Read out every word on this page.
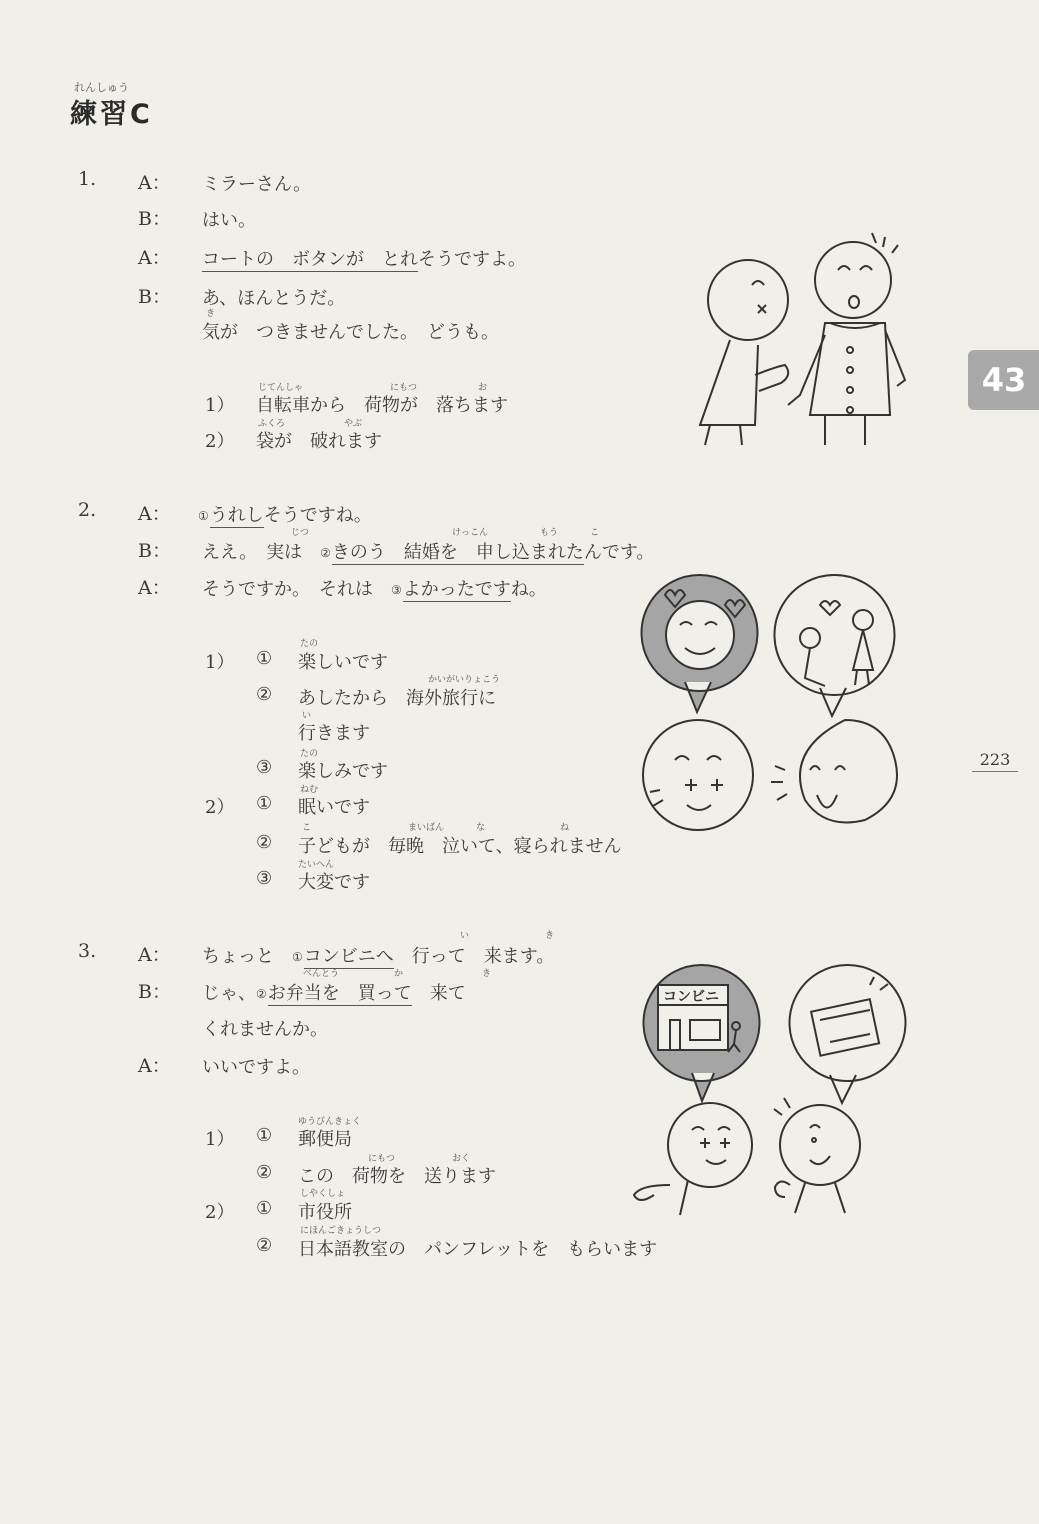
れんしゅう
練習C
43
223
1. A： ミラーさん。
B： はい。
A： コートの　ボタンが　とれそうですよ。
B： あ、ほんとうだ。
き
気が　つきませんでした。　どうも。
じてんしゃ	にもつ	お
1） 自転車から　荷物が　落ちます
ふくろ	やぶ
2） 袋が　破れます
2. A： ①うれしそうですね。
じつ	けっこん	もう	こ
B： ええ。　実は　②きのう　結婚を　申し込まれたんです。
A： そうですか。　それは　③よかったですね。
たの
1） ① 楽しいです
かいがいりょこう
② あしたから　海外旅行に
い
行きます
たの
③ 楽しみです
ねむ
2） ① 眠いです
こ	まいばん	な	ね
② 子どもが　毎晩　泣いて、寝られません
たいへん
③ 大変です
い	き
3. A： ちょっと　①コンビニへ　行って　来ます。
べんとう	か	き
B： じゃ、②お弁当を　買って　来て
くれませんか。
A： いいですよ。
ゆうびんきょく
1） ① 郵便局
にもつ	おく
② この　荷物を　送ります
しやくしょ
2） ① 市役所
にほんごきょうしつ
② 日本語教室の　パンフレットを　もらいます
コンビニ
